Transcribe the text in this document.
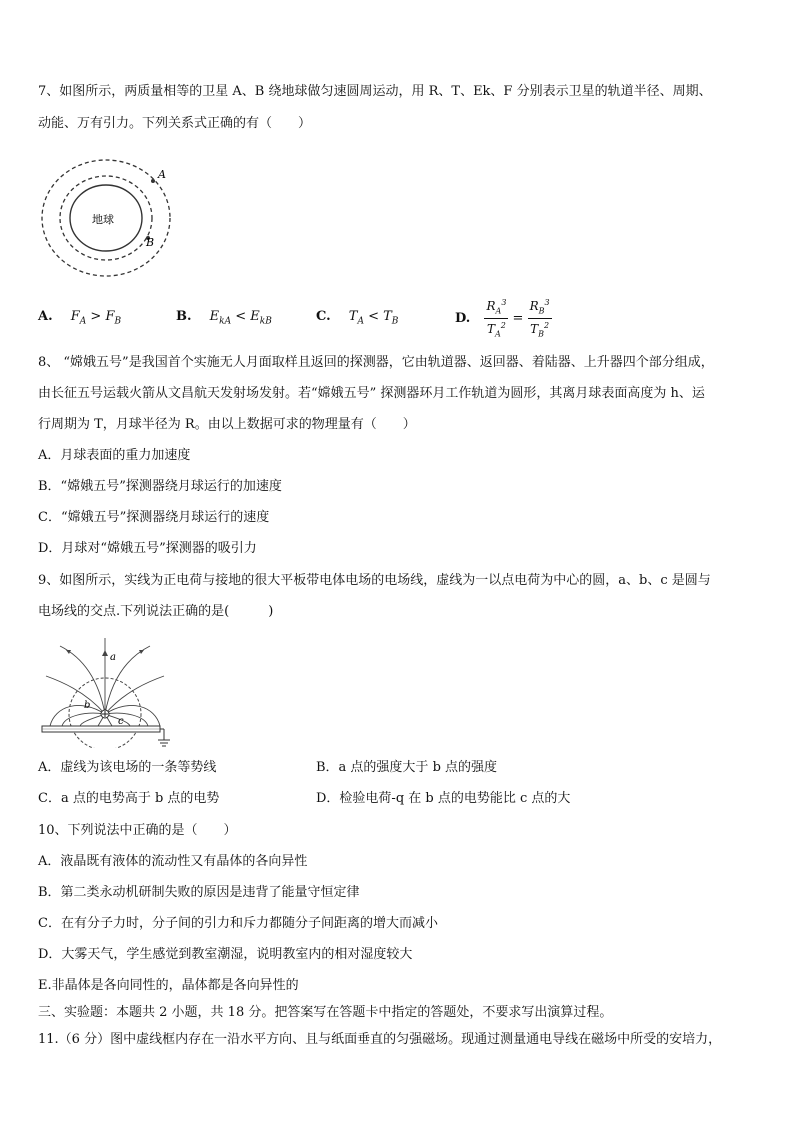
7、如图所示，两质量相等的卫星 A、B 绕地球做匀速圆周运动，用 R、T、Ek、F 分别表示卫星的轨道半径、周期、
动能、万有引力。下列关系式正确的有（　　）
地球
A
B
A. $F_A > F_B$	B. $E_{kA} < E_{kB}$	C. $T_A < T_B$	D. $\frac{R_A^3}{T_A^2} = \frac{R_B^3}{T_B^2}$
8、 “嫦娥五号”是我国首个实施无人月面取样且返回的探测器，它由轨道器、返回器、着陆器、上升器四个部分组成，
由长征五号运载火箭从文昌航天发射场发射。若“嫦娥五号” 探测器环月工作轨道为圆形，其离月球表面高度为 h、运
行周期为 T，月球半径为 R。由以上数据可求的物理量有（　　）
A．月球表面的重力加速度
B．“嫦娥五号”探测器绕月球运行的加速度
C．“嫦娥五号”探测器绕月球运行的速度
D．月球对“嫦娥五号”探测器的吸引力
9、如图所示，实线为正电荷与接地的很大平板带电体电场的电场线，虚线为一以点电荷为中心的圆，a、b、c 是圆与
电场线的交点.下列说法正确的是(　　　)
a
b
c
A．虚线为该电场的一条等势线	B．a 点的强度大于 b 点的强度
C．a 点的电势高于 b 点的电势	D．检验电荷-q 在 b 点的电势能比 c 点的大
10、下列说法中正确的是（　　）
A．液晶既有液体的流动性又有晶体的各向异性
B．第二类永动机研制失败的原因是违背了能量守恒定律
C．在有分子力时，分子间的引力和斥力都随分子间距离的增大而减小
D．大雾天气，学生感觉到教室潮湿，说明教室内的相对湿度较大
E.非晶体是各向同性的，晶体都是各向异性的
三、实验题：本题共 2 小题，共 18 分。把答案写在答题卡中指定的答题处，不要求写出演算过程。
11.（6 分）图中虚线框内存在一沿水平方向、且与纸面垂直的匀强磁场。现通过测量通电导线在磁场中所受的安培力，
